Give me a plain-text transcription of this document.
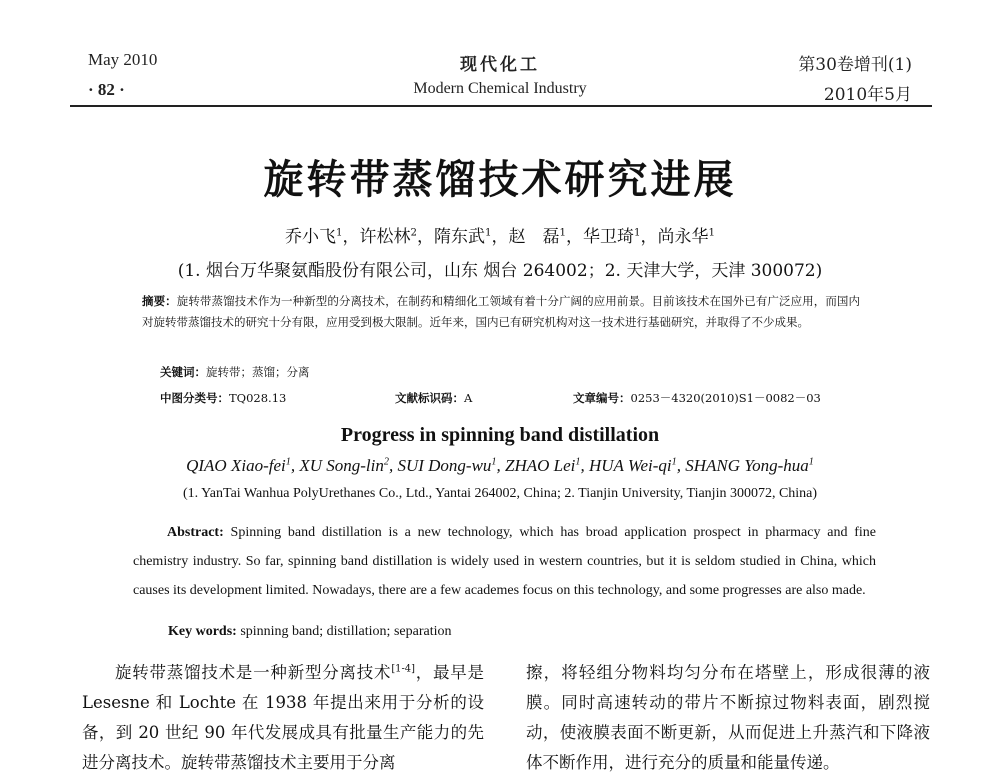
May 2010
· 82 ·
现代化工
Modern Chemical Industry
第30卷增刊(1)
2010年5月
旋转带蒸馏技术研究进展
乔小飞$^1$，许松林$^2$，隋东武$^1$，赵　磊$^1$，华卫琦$^1$，尚永华$^1$
(1. 烟台万华聚氨酯股份有限公司，山东 烟台 264002；2. 天津大学，天津 300072)
摘要：旋转带蒸馏技术作为一种新型的分离技术，在制药和精细化工领域有着十分广阔的应用前景。目前该技术在国外已有广泛应用，而国内对旋转带蒸馏技术的研究十分有限，应用受到极大限制。近年来，国内已有研究机构对这一技术进行基础研究，并取得了不少成果。
关键词：旋转带；蒸馏；分离
中图分类号：TQ028.13	文献标识码：A	文章编号：0253－4320(2010)S1－0082－03
Progress in spinning band distillation
QIAO Xiao-fei$^1$, XU Song-lin$^2$, SUI Dong-$wu^1$, ZHAO Lei$^1$, HUA Wei-$qi^1$, SHANG Yong-hua$^1$
(1. YanTai Wanhua PolyUrethanes Co., Ltd., Yantai 264002, China; 2. Tianjin University, Tianjin 300072, China)
Abstract: Spinning band distillation is a new technology, which has broad application prospect in pharmacy and fine chemistry industry. So far, spinning band distillation is widely used in western countries, but it is seldom studied in China, which causes its development limited. Nowadays, there are a few academes focus on this technology, and some progresses are also made.
Key words: spinning band; distillation; separation
旋转带蒸馏技术是一种新型分离技术[1-4]，最早是 Lesesne 和 Lochte 在 1938 年提出来用于分析的设备，到 20 世纪 90 年代发展成具有批量生产能力的先进分离技术。旋转带蒸馏技术主要用于分离
擦，将轻组分物料均匀分布在塔壁上，形成很薄的液膜。同时高速转动的带片不断掠过物料表面，剧烈搅动，使液膜表面不断更新，从而促进上升蒸汽和下降液体不断作用，进行充分的质量和能量传递。
